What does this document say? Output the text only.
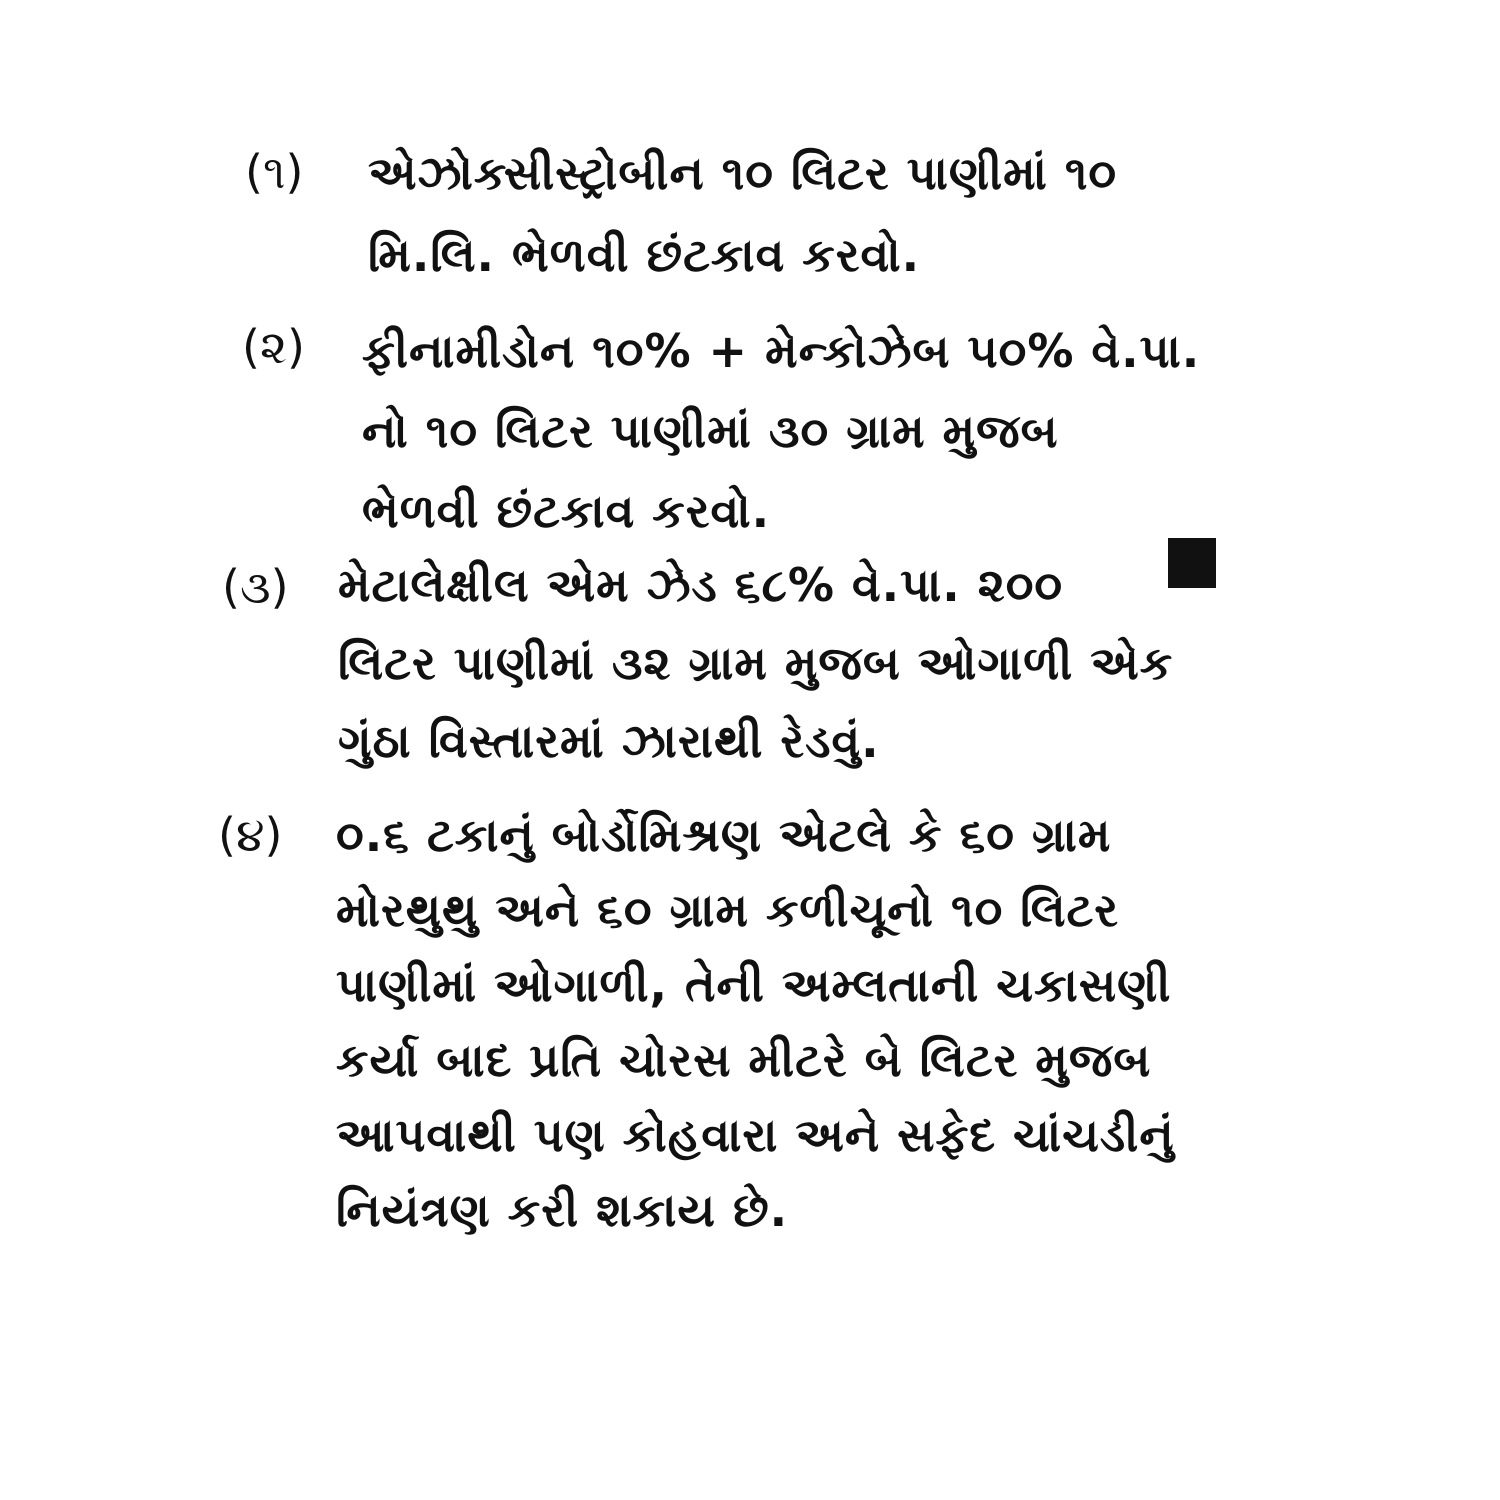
(૧) એઝોક્સીસ્ટ્રોબીન ૧૦ લિટર પાણીમાં ૧૦
મિ.લિ. ભેળવી છંટકાવ કરવો.
(૨) ફીનામીડોન ૧૦% + મેન્કોઝેબ ૫૦% વે.પા.
નો ૧૦ લિટર પાણીમાં ૩૦ ગ્રામ મુજબ
ભેળવી છંટકાવ કરવો.
(૩) મેટાલેક્ષીલ એમ ઝેડ ૬૮% વે.પા. ૨૦૦
લિટર પાણીમાં ૩૨ ગ્રામ મુજબ ઓગાળી એક
ગુંઠા વિસ્તારમાં ઝારાથી રેડવું.
(૪) ૦.૬ ટકાનું બોર્ડોમિશ્રણ એટલે કે ૬૦ ગ્રામ
મોરથુથુ અને ૬૦ ગ્રામ કળીચૂનો ૧૦ લિટર
પાણીમાં ઓગાળી, તેની અમ્લતાની ચકાસણી
કર્યા બાદ પ્રતિ ચોરસ મીટરે બે લિટર મુજબ
આપવાથી પણ કોહવારા અને સફેદ ચાંચડીનું
નિયંત્રણ કરી શકાય છે.
